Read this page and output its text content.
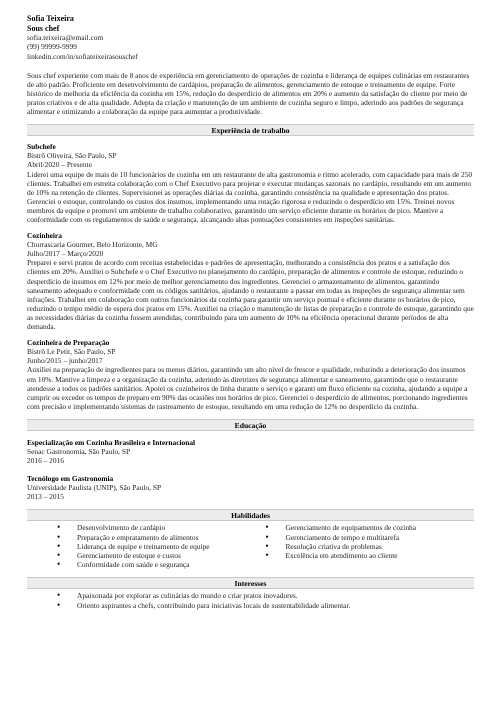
Sofia Teixeira
Sous chef
sofia.teixeira@email.com
(99) 99999-9999
linkedin.com/in/sofiateixeirasouschef

Sous chef experiente com mais de 8 anos de experiência em gerenciamento de operações de cozinha e liderança de equipes culinárias em restaurantes de alto padrão. Proficiente em desenvolvimento de cardápios, preparação de alimentos, gerenciamento de estoque e treinamento de equipe. Forte histórico de melhoria da eficiência da cozinha em 15%, redução do desperdício de alimentos em 20% e aumento da satisfação do cliente por meio de pratos criativos e de alta qualidade. Adepta da criação e manutenção de um ambiente de cozinha seguro e limpo, aderindo aos padrões de segurança alimentar e otimizando a colaboração da equipe para aumentar a produtividade.

Experiência de trabalho
Subchefe
Bistrô Oliveira, São Paulo, SP
Abril/2020 – Presente

Liderei uma equipe de mais de 10 funcionários de cozinha em um restaurante de alta gastronomia e ritmo acelerado, com capacidade para mais de 250 clientes. Trabalhei em estreita colaboração com o Chef Executivo para projetar e executar mudanças sazonais no cardápio, resultando em um aumento de 10% na retenção de clientes. Supervisionei as operações diárias da cozinha, garantindo consistência na qualidade e apresentação dos pratos. Gerenciei o estoque, controlando os custos dos insumos, implementando uma rotação rigorosa e reduzindo o desperdício em 15%. Treinei novos membros da equipe e promovi um ambiente de trabalho colaborativo, garantindo um serviço eficiente durante os horários de pico. Mantive a conformidade com os regulamentos de saúde e segurança, alcançando altas pontuações consistentes em inspeções sanitárias.

Cozinheira
Churrascaria Gourmet, Belo Horizonte, MG
Julho/2017 – Março/2020

Preparei e servi pratos de acordo com receitas estabelecidas e padrões de apresentação, melhorando a consistência dos pratos e a satisfação dos clientes em 20%. Auxiliei o Subchefe e o Chef Executivo no planejamento do cardápio, preparação de alimentos e controle de estoque, reduzindo o desperdício de insumos em 12% por meio de melhor gerenciamento dos ingredientes. Gerenciei o armazenamento de alimentos, garantindo saneamento adequado e conformidade com os códigos sanitários, ajudando o restaurante a passar em todas as inspeções de segurança alimentar sem infrações. Trabalhei em colaboração com outros funcionários da cozinha para garantir um serviço pontual e eficiente durante os horários de pico, reduzindo o tempo médio de espera dos pratos em 15%. Auxiliei na criação e manutenção de listas de preparação e controle de estoque, garantindo que as necessidades diárias da cozinha fossem atendidas, contribuindo para um aumento de 10% na eficiência operacional durante períodos de alta demanda.

Cozinheira de Preparação
Bistrô Le Petit, São Paulo, SP
Junho/2015 – junho/2017

Auxiliei na preparação de ingredientes para os menus diários, garantindo um alto nível de frescor e qualidade, reduzindo a deterioração dos insumos em 10%. Mantive a limpeza e a organização da cozinha, aderindo às diretrizes de segurança alimentar e saneamento, garantindo que o restaurante atendesse a todos os padrões sanitários. Apoiei os cozinheiros de linha durante o serviço e garanti um fluxo eficiente na cozinha, ajudando a equipe a cumprir ou exceder os tempos de preparo em 90% das ocasiões nos horários de pico. Gerenciei o desperdício de alimentos, porcionando ingredientes com precisão e implementando sistemas de rastreamento de estoque, resultando em uma redução de 12% no desperdício da cozinha.

Educação
Especialização em Cozinha Brasileira e Internacional
Senac Gastronomia, São Paulo, SP
2016 – 2016
Tecnólogo em Gastronomia
Universidade Paulista (UNIP), São Paulo, SP
2013 – 2015
Habilidades
• Desenvolvimento de cardápio
• Preparação e empratamento de alimentos
• Liderança de equipe e treinamento de equipe
• Gerenciamento de estoque e custos
• Conformidade com saúde e segurança
• Gerenciamento de equipamentos de cozinha
• Gerenciamento de tempo e multitarefa
• Resolução criativa de problemas
• Excelência em atendimento ao cliente
Interesses
• Apaixonada por explorar as culinárias do mundo e criar pratos inovadores.
• Oriento aspirantes a chefs, contribuindo para iniciativas locais de sustentabilidade alimentar.
